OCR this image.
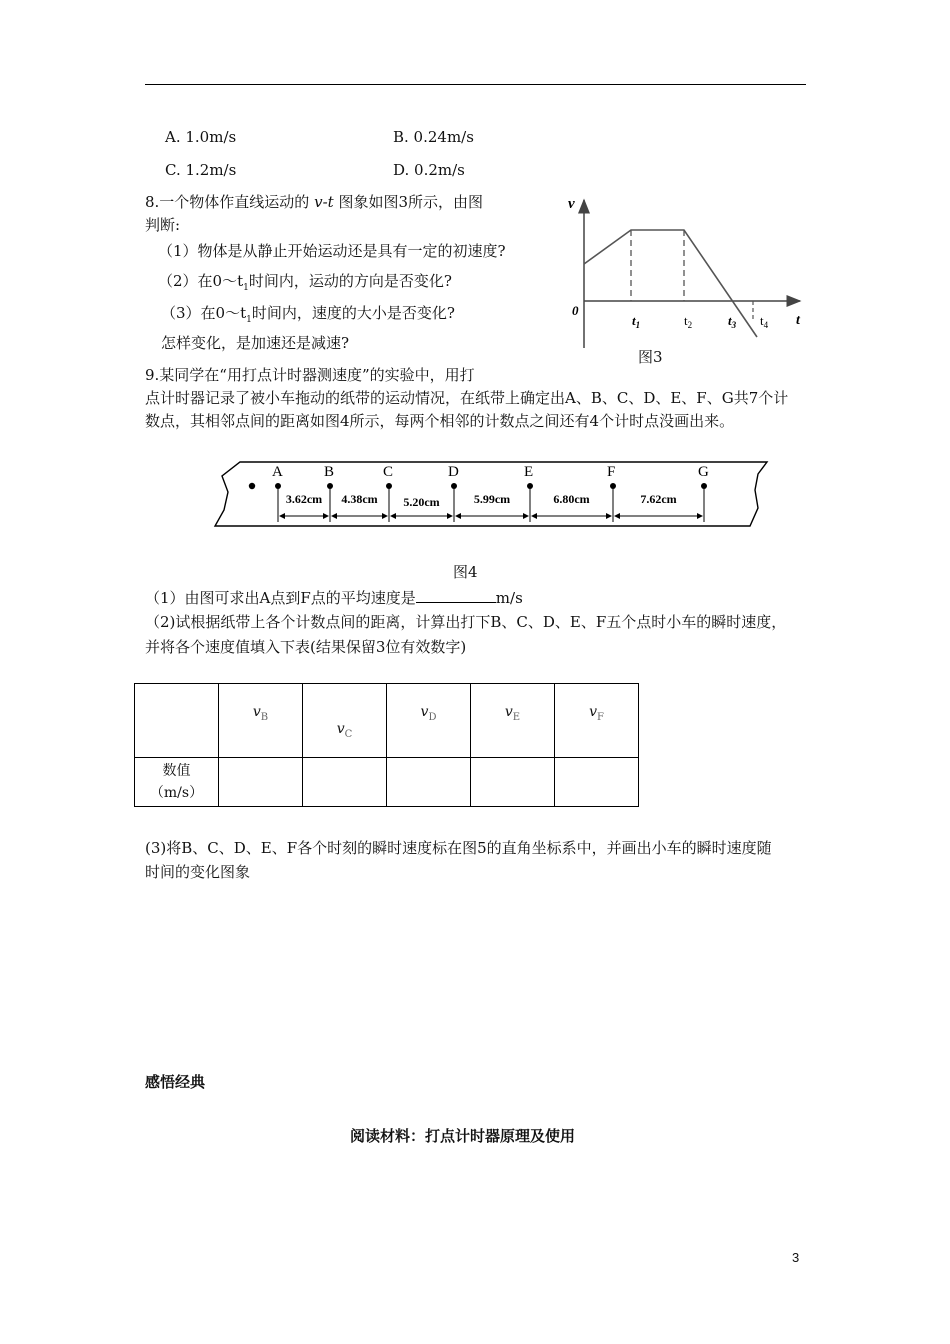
A. 1.0m/s	B. 0.24m/s
C. 1.2m/s	D. 0.2m/s
8.一个物体作直线运动的 v-t 图象如图3所示，由图
判断:
（1）物体是从静止开始运动还是具有一定的初速度?
（2）在$0\sim t_1$时间内，运动的方向是否变化?
（3）在$0\sim t_1$时间内，速度的大小是否变化?
怎样变化，是加速还是减速?
v
t
0
$t_1$	$t_2$	$t_3$ $t_4$
图3
9.某同学在“用打点计时器测速度”的实验中，用打
点计时器记录了被小车拖动的纸带的运动情况，在纸带上确定出A、B、C、D、E、F、G共7个计
数点，其相邻点间的距离如图4所示，每两个相邻的计数点之间还有4个计时点没画出来。
A	B	C	D	E	F	G
3.62cm 4.38cm 5.20cm	5.99cm	6.80cm	7.62cm
图4
（1）由图可求出A点到F点的平均速度是	m/s
（2)试根据纸带上各个计数点间的距离，计算出打下B、C、D、E、F五个点时小车的瞬时速度，
并将各个速度值填入下表(结果保留3位有效数字)
	$v_B$	$v_C$	$v_D$	$v_E$	$v_F$

数值
（m/s）					

(3)将B、C、D、E、F各个时刻的瞬时速度标在图5的直角坐标系中，并画出小车的瞬时速度随
时间的变化图象
感悟经典
阅读材料：打点计时器原理及使用
3
